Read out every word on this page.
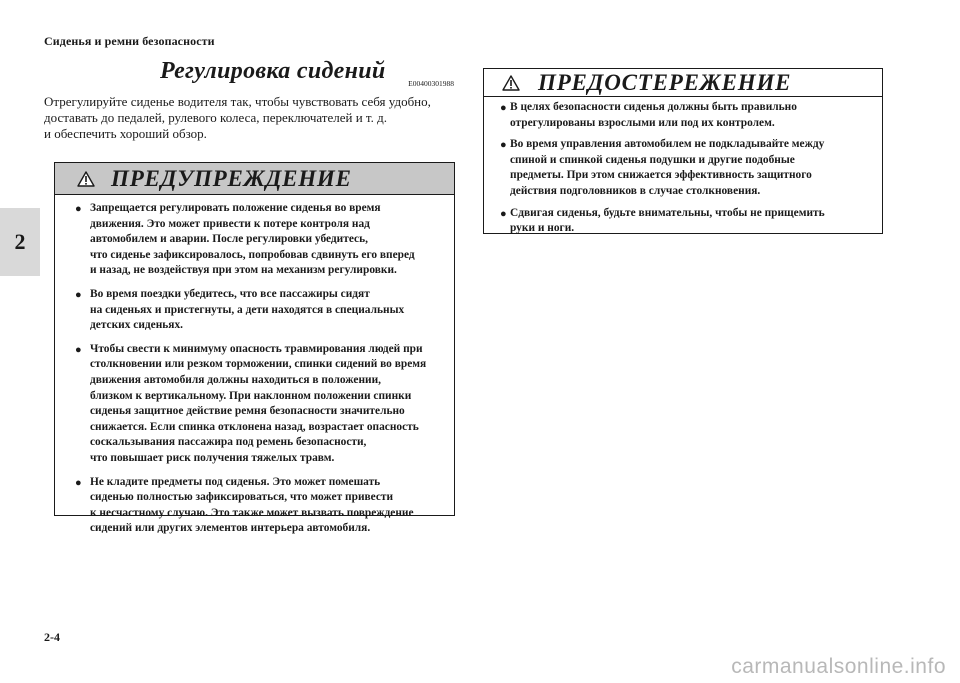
Сиденья и ремни безопасности
2
Регулировка сидений	E00400301988

Отрегулируйте сиденье водителя так, чтобы чувствовать себя удобно,

доставать до педалей, рулевого колеса, переключателей и т. д.

и обеспечить хороший обзор.

ПРЕДУПРЕЖДЕНИЕ
● Запрещается регулировать положение сиденья во время
движения. Это может привести к потере контроля над
автомобилем и аварии. После регулировки убедитесь,
что сиденье зафиксировалось, попробовав сдвинуть его вперед
и назад, не воздействуя при этом на механизм регулировки.
● Во время поездки убедитесь, что все пассажиры сидят
на сиденьях и пристегнуты, а дети находятся в специальных
детских сиденьях.
● Чтобы свести к минимуму опасность травмирования людей при
столкновении или резком торможении, спинки сидений во время
движения автомобиля должны находиться в положении,
близком к вертикальному. При наклонном положении спинки
сиденья защитное действие ремня безопасности значительно
снижается. Если спинка отклонена назад, возрастает опасность
соскальзывания пассажира под ремень безопасности,
что повышает риск получения тяжелых травм.
● Не кладите предметы под сиденья. Это может помешать
сиденью полностью зафиксироваться, что может привести
к несчастному случаю. Это также может вызвать повреждение
сидений или других элементов интерьера автомобиля.
ПРЕДОСТЕРЕЖЕНИЕ
● В целях безопасности сиденья должны быть правильно
отрегулированы взрослыми или под их контролем.
● Во время управления автомобилем не подкладывайте между
спиной и спинкой сиденья подушки и другие подобные
предметы. При этом снижается эффективность защитного
действия подголовников в случае столкновения.
● Сдвигая сиденья, будьте внимательны, чтобы не прищемить
руки и ноги.
2-4
carmanualsonline.info
